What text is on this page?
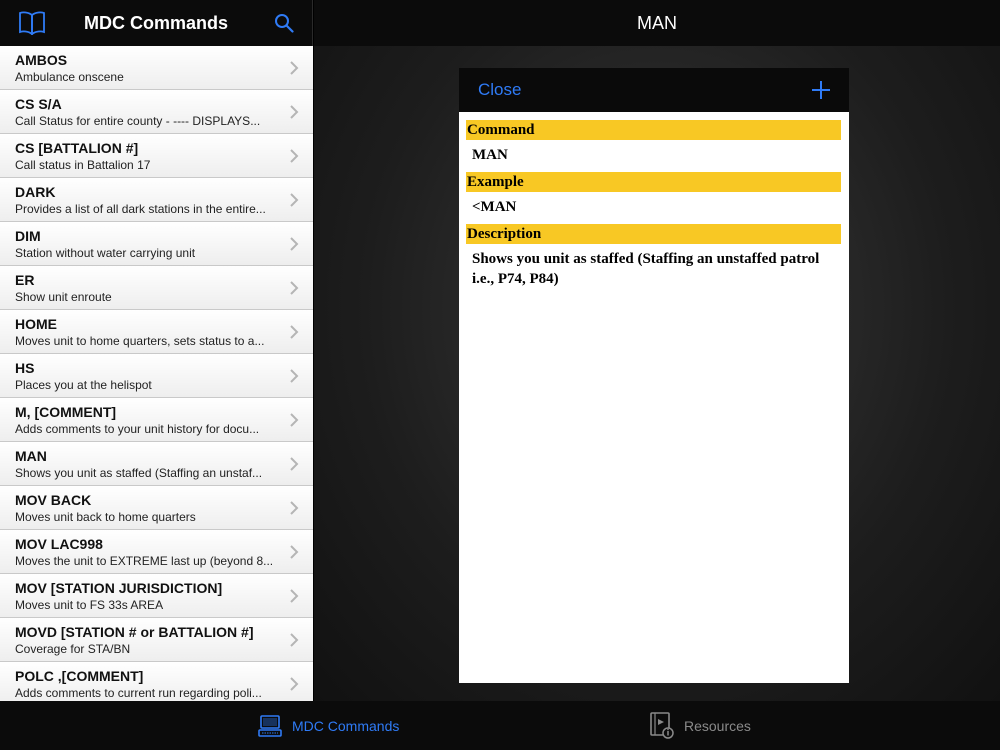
MDC Commands	MAN
AMBOS
Ambulance onscene
CS S/A
Call Status for entire county - ---- DISPLAYS...
CS [BATTALION #]
Call status in Battalion 17
DARK
Provides a list of all dark stations in the entire...
DIM
Station without water carrying unit
ER
Show unit enroute
HOME
Moves unit to home quarters, sets status to a...
HS
Places you at the helispot
M, [COMMENT]
Adds comments to your unit history for docu...
MAN
Shows you unit as staffed (Staffing an unstaf...
MOV BACK
Moves unit back to home quarters
MOV LAC998
Moves the unit to EXTREME last up (beyond 8...
MOV [STATION JURISDICTION]
Moves unit to FS 33s AREA
MOVD [STATION # or BATTALION #]
Coverage for STA/BN
POLC ,[COMMENT]
Adds comments to current run regarding poli...
Close
Command
MAN
Example
<MAN
Description
Shows you unit as staffed (Staffing an unstaffed patrol i.e., P74, P84)
MDC Commands	Resources
